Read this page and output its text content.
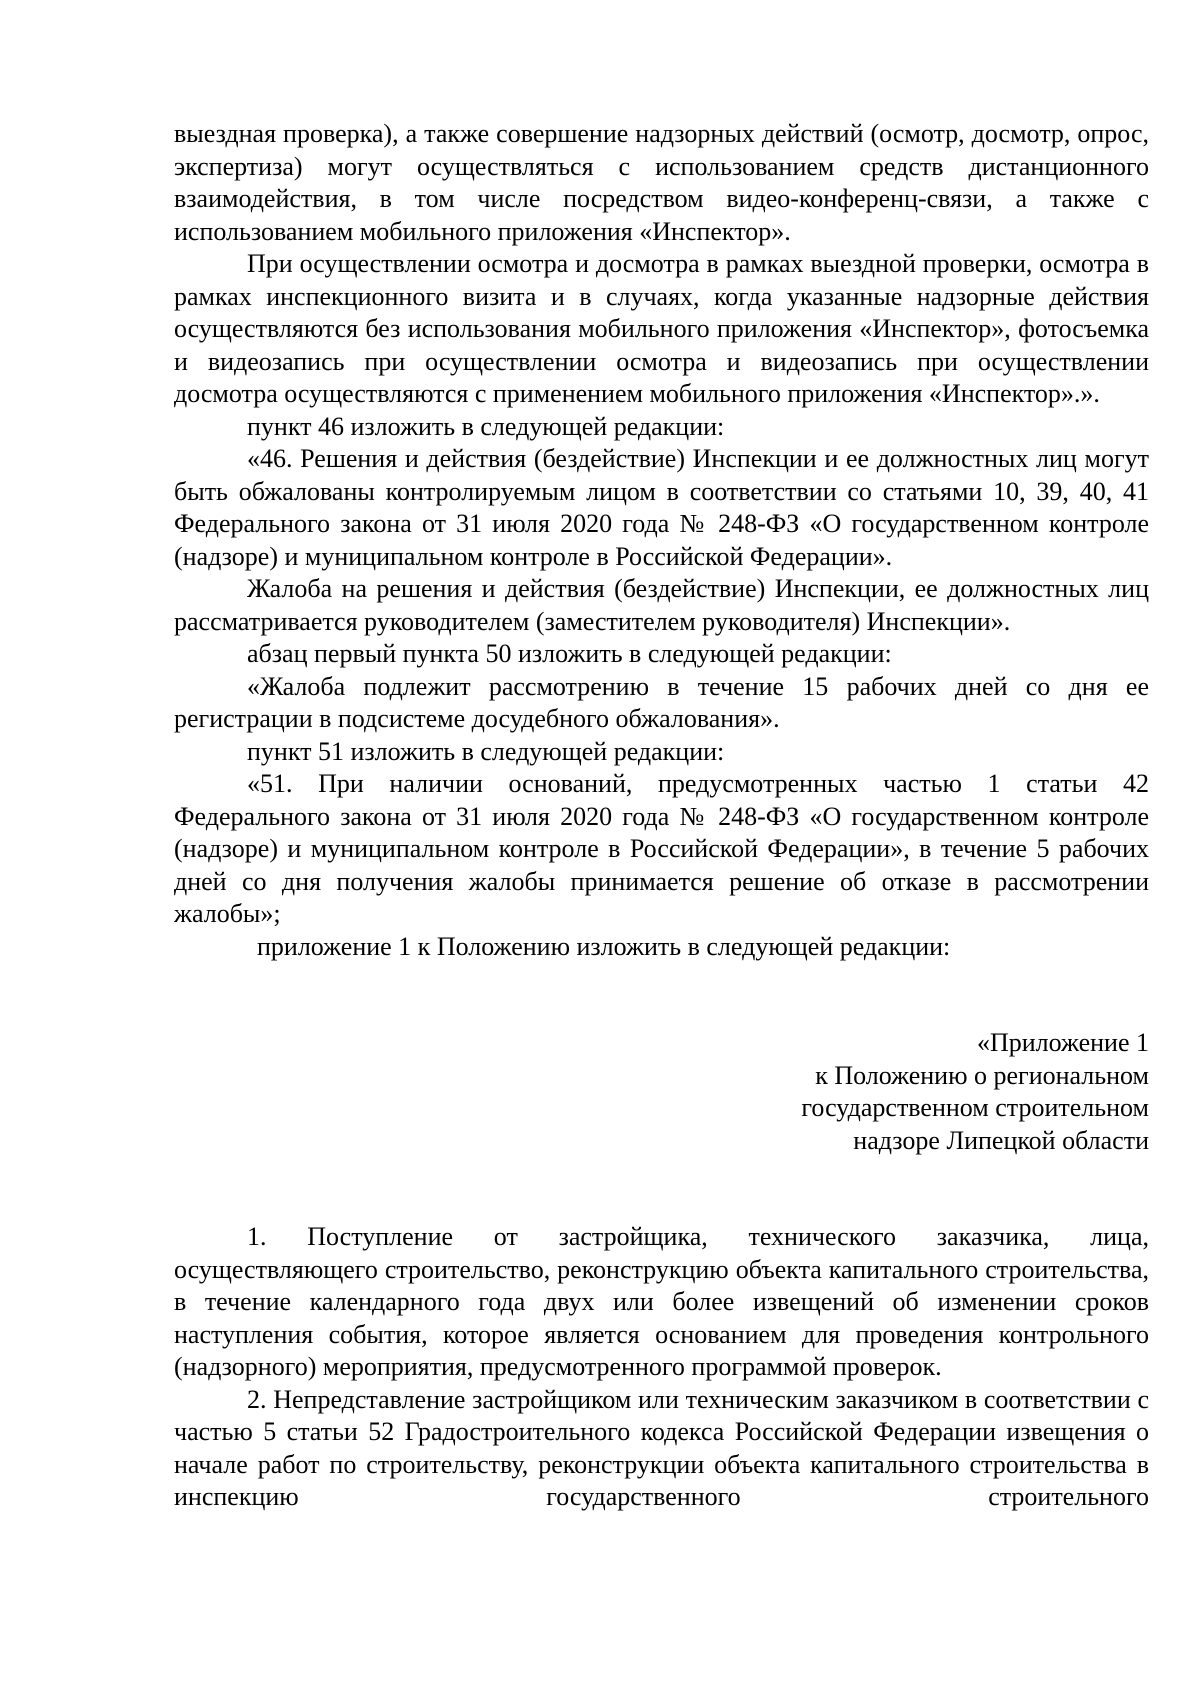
выездная проверка), а также совершение надзорных действий (осмотр, досмотр, опрос, экспертиза) могут осуществляться с использованием средств дистанционного взаимодействия, в том числе посредством видео-конференц-связи, а также с использованием мобильного приложения «Инспектор».

При осуществлении осмотра и досмотра в рамках выездной проверки, осмотра в рамках инспекционного визита и в случаях, когда указанные надзорные действия осуществляются без использования мобильного приложения «Инспектор», фотосъемка и видеозапись при осуществлении осмотра и видеозапись при осуществлении досмотра осуществляются с применением мобильного приложения «Инспектор».».

пункт 46 изложить в следующей редакции:

«46. Решения и действия (бездействие) Инспекции и ее должностных лиц могут быть обжалованы контролируемым лицом в соответствии со статьями 10, 39, 40, 41 Федерального закона от 31 июля 2020 года № 248-ФЗ «О государственном контроле (надзоре) и муниципальном контроле в Российской Федерации».

Жалоба на решения и действия (бездействие) Инспекции, ее должностных лиц рассматривается руководителем (заместителем руководителя) Инспекции».

абзац первый пункта 50 изложить в следующей редакции:

«Жалоба подлежит рассмотрению в течение 15 рабочих дней со дня ее регистрации в подсистеме досудебного обжалования».

пункт 51 изложить в следующей редакции:

«51. При наличии оснований, предусмотренных частью 1 статьи 42 Федерального закона от 31 июля 2020 года № 248-ФЗ «О государственном контроле (надзоре) и муниципальном контроле в Российской Федерации», в течение 5 рабочих дней со дня получения жалобы принимается решение об отказе в рассмотрении жалобы»;

приложение 1 к Положению изложить в следующей редакции:

«Приложение 1
к Положению о региональном
государственном строительном
надзоре Липецкой области

1. Поступление от застройщика, технического заказчика, лица, осуществляющего строительство, реконструкцию объекта капитального строительства, в течение календарного года двух или более извещений об изменении сроков наступления события, которое является основанием для проведения контрольного (надзорного) мероприятия, предусмотренного программой проверок.

2. Непредставление застройщиком или техническим заказчиком в соответствии с частью 5 статьи 52 Градостроительного кодекса Российской Федерации извещения о начале работ по строительству, реконструкции объекта капитального строительства в инспекцию государственного строительного
